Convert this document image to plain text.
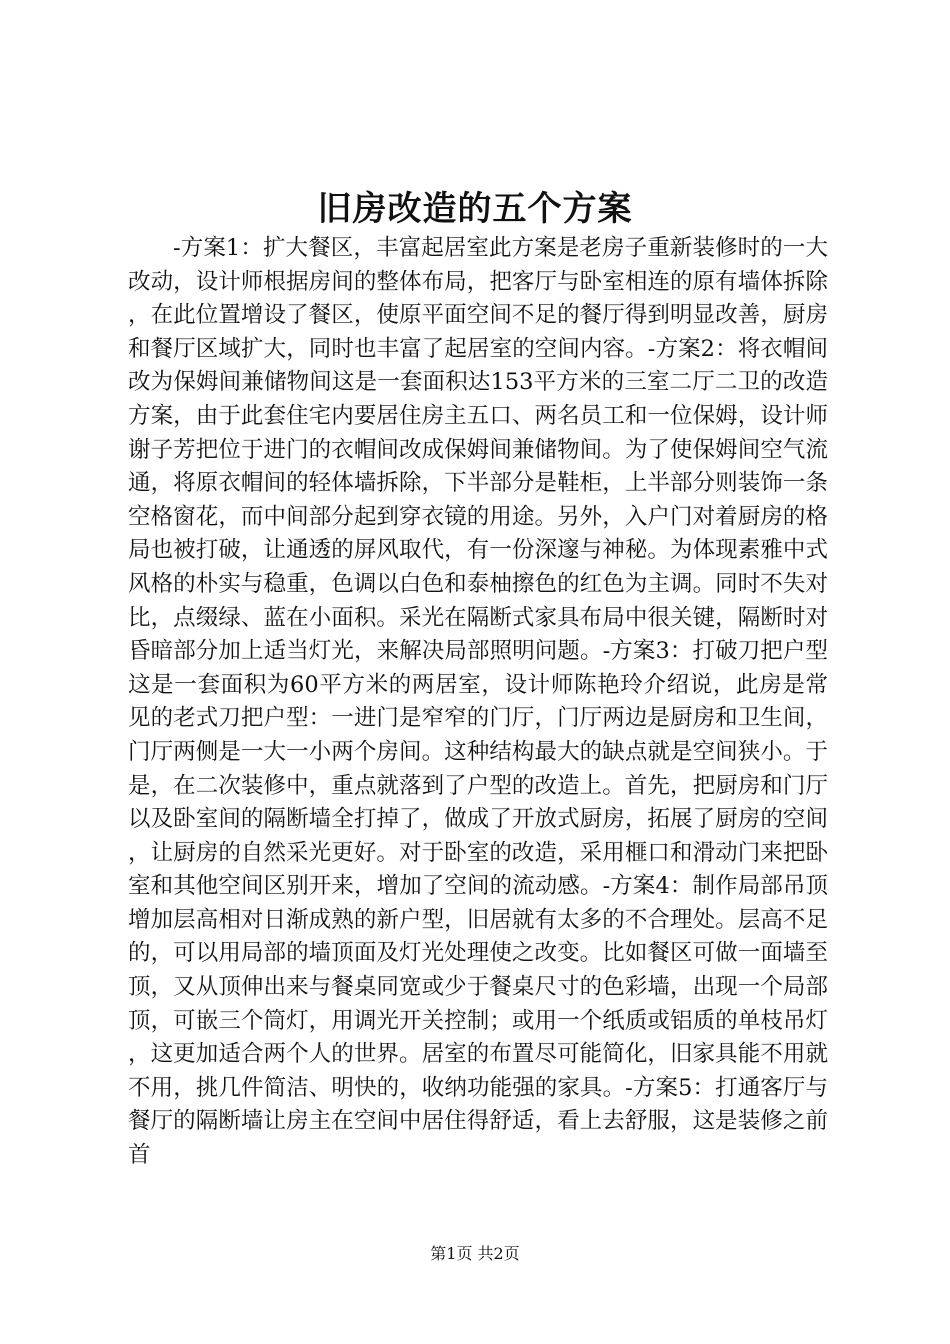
旧房改造的五个方案

-方案1：扩大餐区，丰富起居室此方案是老房子重新装修时的一大改动，设计师根据房间的整体布局，把客厅与卧室相连的原有墙体拆除，在此位置增设了餐区，使原平面空间不足的餐厅得到明显改善，厨房和餐厅区域扩大，同时也丰富了起居室的空间内容。-方案2：将衣帽间改为保姆间兼储物间这是一套面积达153平方米的三室二厅二卫的改造方案，由于此套住宅内要居住房主五口、两名员工和一位保姆，设计师谢子芳把位于进门的衣帽间改成保姆间兼储物间。为了使保姆间空气流通，将原衣帽间的轻体墙拆除，下半部分是鞋柜，上半部分则装饰一条空格窗花，而中间部分起到穿衣镜的用途。另外，入户门对着厨房的格局也被打破，让通透的屏风取代，有一份深邃与神秘。为体现素雅中式风格的朴实与稳重，色调以白色和泰柚擦色的红色为主调。同时不失对比，点缀绿、蓝在小面积。采光在隔断式家具布局中很关键，隔断时对昏暗部分加上适当灯光，来解决局部照明问题。-方案3：打破刀把户型这是一套面积为60平方米的两居室，设计师陈艳玲介绍说，此房是常见的老式刀把户型：一进门是窄窄的门厅，门厅两边是厨房和卫生间，门厅两侧是一大一小两个房间。这种结构最大的缺点就是空间狭小。于是，在二次装修中，重点就落到了户型的改造上。首先，把厨房和门厅以及卧室间的隔断墙全打掉了，做成了开放式厨房，拓展了厨房的空间，让厨房的自然采光更好。对于卧室的改造，采用榧口和滑动门来把卧室和其他空间区别开来，增加了空间的流动感。-方案4：制作局部吊顶增加层高相对日渐成熟的新户型，旧居就有太多的不合理处。层高不足的，可以用局部的墙顶面及灯光处理使之改变。比如餐区可做一面墙至顶，又从顶伸出来与餐桌同宽或少于餐桌尺寸的色彩墙，出现一个局部顶，可嵌三个筒灯，用调光开关控制；或用一个纸质或铝质的单枝吊灯，这更加适合两个人的世界。居室的布置尽可能简化，旧家具能不用就不用，挑几件简洁、明快的，收纳功能强的家具。-方案5：打通客厅与餐厅的隔断墙让房主在空间中居住得舒适，看上去舒服，这是装修之前首

第1页 共2页
